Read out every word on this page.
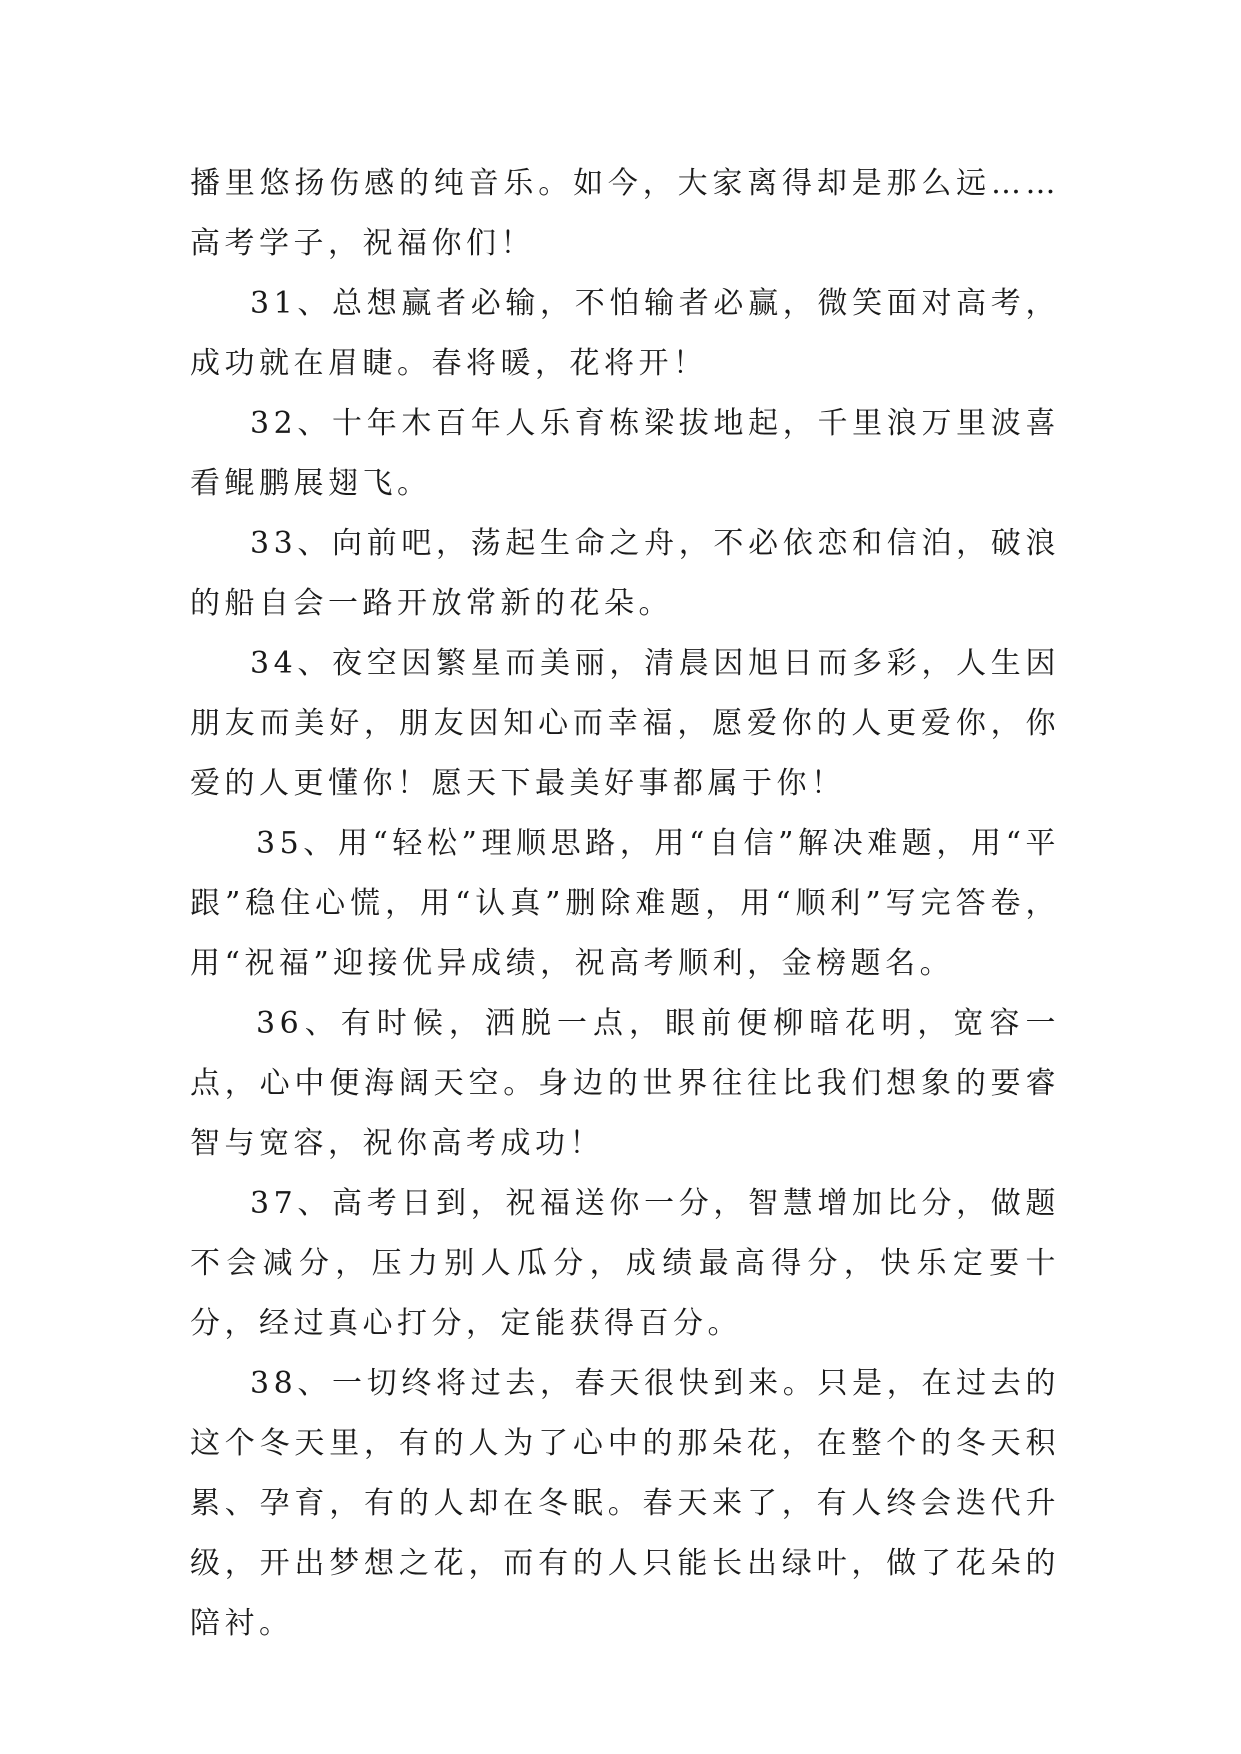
播里悠扬伤感的纯音乐。如今，大家离得却是那么远……高考学子，祝福你们！

31、总想赢者必输，不怕输者必赢，微笑面对高考，成功就在眉睫。春将暖，花将开！

32、十年木百年人乐育栋梁拔地起，千里浪万里波喜看鲲鹏展翅飞。

33、向前吧，荡起生命之舟，不必依恋和信泊，破浪的船自会一路开放常新的花朵。

34、夜空因繁星而美丽，清晨因旭日而多彩，人生因朋友而美好，朋友因知心而幸福，愿爱你的人更爱你，你爱的人更懂你！愿天下最美好事都属于你！

35、用“轻松”理顺思路，用“自信”解决难题，用“平跟”稳住心慌，用“认真”删除难题，用“顺利”写完答卷，用“祝福”迎接优异成绩，祝高考顺利，金榜题名。

36、有时候，洒脱一点，眼前便柳暗花明，宽容一点，心中便海阔天空。身边的世界往往比我们想象的要睿智与宽容，祝你高考成功！

37、高考日到，祝福送你一分，智慧增加比分，做题不会减分，压力别人瓜分，成绩最高得分，快乐定要十分，经过真心打分，定能获得百分。

38、一切终将过去，春天很快到来。只是，在过去的这个冬天里，有的人为了心中的那朵花，在整个的冬天积累、孕育，有的人却在冬眠。春天来了，有人终会迭代升级，开出梦想之花，而有的人只能长出绿叶，做了花朵的陪衬。
